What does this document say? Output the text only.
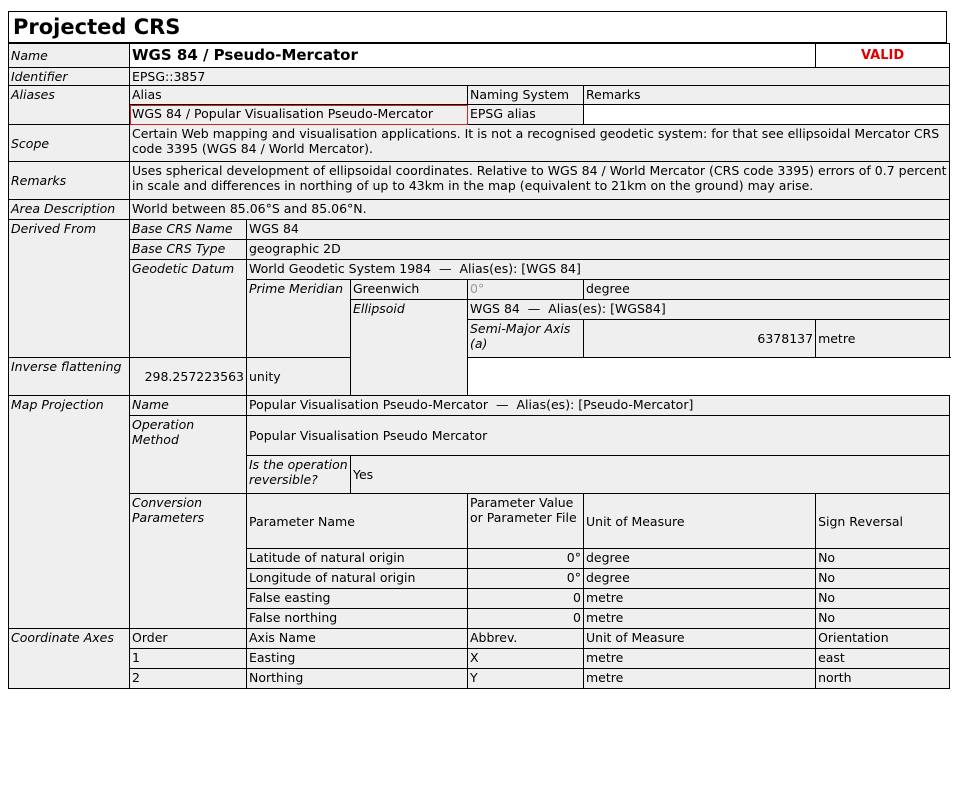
Projected CRS
Name	WGS 84 / Pseudo-Mercator					VALID
Identifier	EPSG::3857					
Aliases	Alias			Naming System	Remarks	
	WGS 84 / Popular Visualisation Pseudo-Mercator			EPSG alias		
Scope	Certain Web mapping and visualisation applications. It is not a recognised geodetic system: for that see ellipsoidal Mercator CRS code 3395 (WGS 84 / World Mercator).					
Remarks	Uses spherical development of ellipsoidal coordinates. Relative to WGS 84 / World Mercator (CRS code 3395) errors of 0.7 percent in scale and differences in northing of up to 43km in the map (equivalent to 21km on the ground) may arise.					
Area Description	World between 85.06°S and 85.06°N.					
Derived From	Base CRS Name	WGS 84				
	Base CRS Type	geographic 2D				
	Geodetic Datum	World Geodetic System 1984  —  Alias(es): [WGS 84]				
		Prime Meridian	Greenwich	0°	degree	
			Ellipsoid	WGS 84  —  Alias(es): [WGS84]		
				Semi-Major Axis (a)	6378137	metre
Inverse flattening	298.257223563	unity				
Map Projection	Name	Popular Visualisation Pseudo-Mercator  —  Alias(es): [Pseudo-Mercator]				
	Operation Method	Popular Visualisation Pseudo Mercator				
		Is the operation reversible?	Yes			
	Conversion Parameters	Parameter Name		Parameter Value or Parameter File	Unit of Measure	Sign Reversal
		Latitude of natural origin		0°	degree	No
		Longitude of natural origin		0°	degree	No
		False easting		0	metre	No
		False northing		0	metre	No
Coordinate Axes	Order	Axis Name		Abbrev.	Unit of Measure	Orientation
	1	Easting		X	metre	east
	2	Northing		Y	metre	north
